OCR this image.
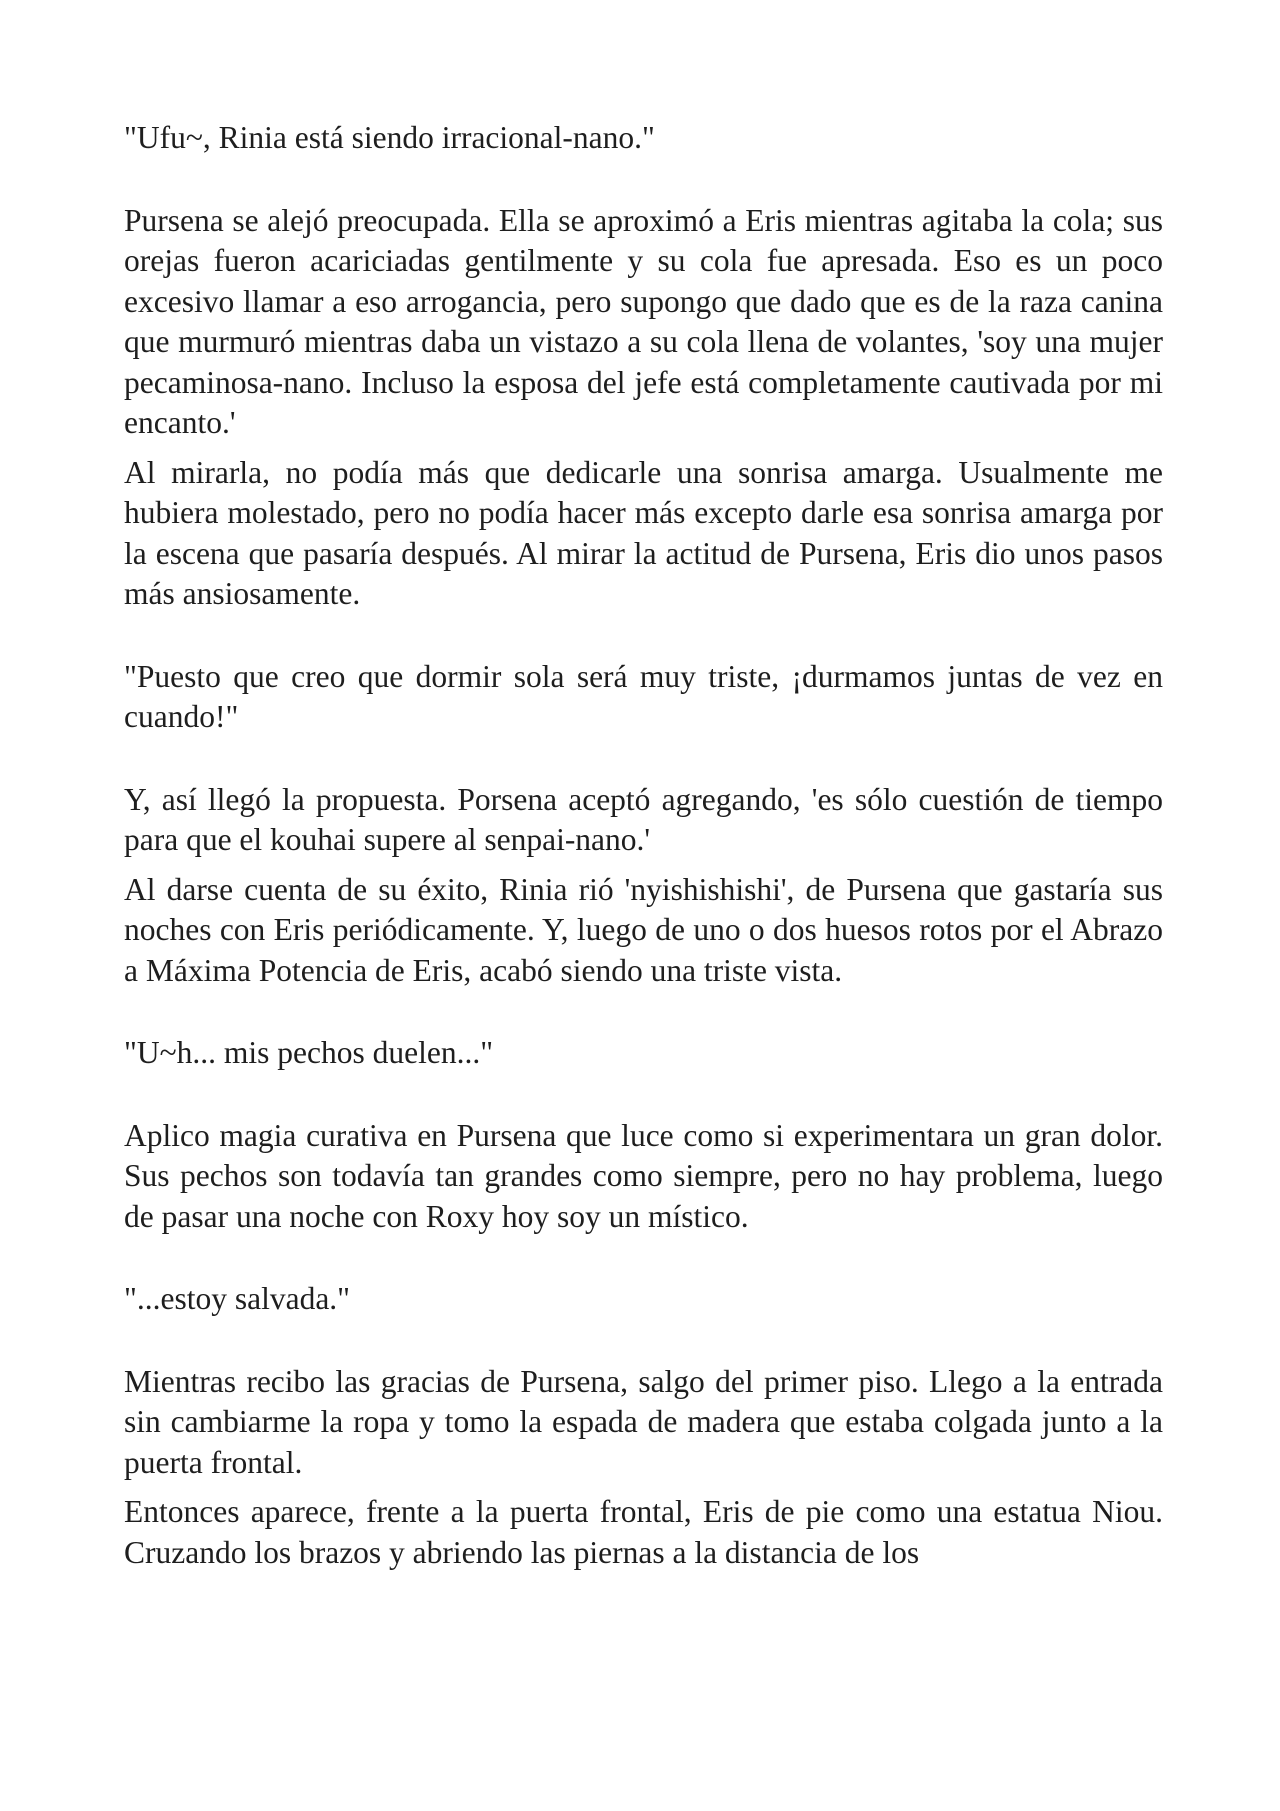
"Ufu~, Rinia está siendo irracional-nano."

Pursena se alejó preocupada. Ella se aproximó a Eris mientras agitaba la cola; sus orejas fueron acariciadas gentilmente y su cola fue apresada. Eso es un poco excesivo llamar a eso arrogancia, pero supongo que dado que es de la raza canina que murmuró mientras daba un vistazo a su cola llena de volantes, 'soy una mujer pecaminosa-nano. Incluso la esposa del jefe está completamente cautivada por mi encanto.'

Al mirarla, no podía más que dedicarle una sonrisa amarga. Usualmente me hubiera molestado, pero no podía hacer más excepto darle esa sonrisa amarga por la escena que pasaría después. Al mirar la actitud de Pursena, Eris dio unos pasos más ansiosamente.

"Puesto que creo que dormir sola será muy triste, ¡durmamos juntas de vez en cuando!"

Y, así llegó la propuesta. Porsena aceptó agregando, 'es sólo cuestión de tiempo para que el kouhai supere al senpai-nano.'

Al darse cuenta de su éxito, Rinia rió 'nyishishishi', de Pursena que gastaría sus noches con Eris periódicamente. Y, luego de uno o dos huesos rotos por el Abrazo a Máxima Potencia de Eris, acabó siendo una triste vista.

"U~h... mis pechos duelen..."

Aplico magia curativa en Pursena que luce como si experimentara un gran dolor. Sus pechos son todavía tan grandes como siempre, pero no hay problema, luego de pasar una noche con Roxy hoy soy un místico.

"...estoy salvada."

Mientras recibo las gracias de Pursena, salgo del primer piso. Llego a la entrada sin cambiarme la ropa y tomo la espada de madera que estaba colgada junto a la puerta frontal.

Entonces aparece, frente a la puerta frontal, Eris de pie como una estatua Niou. Cruzando los brazos y abriendo las piernas a la distancia de los
